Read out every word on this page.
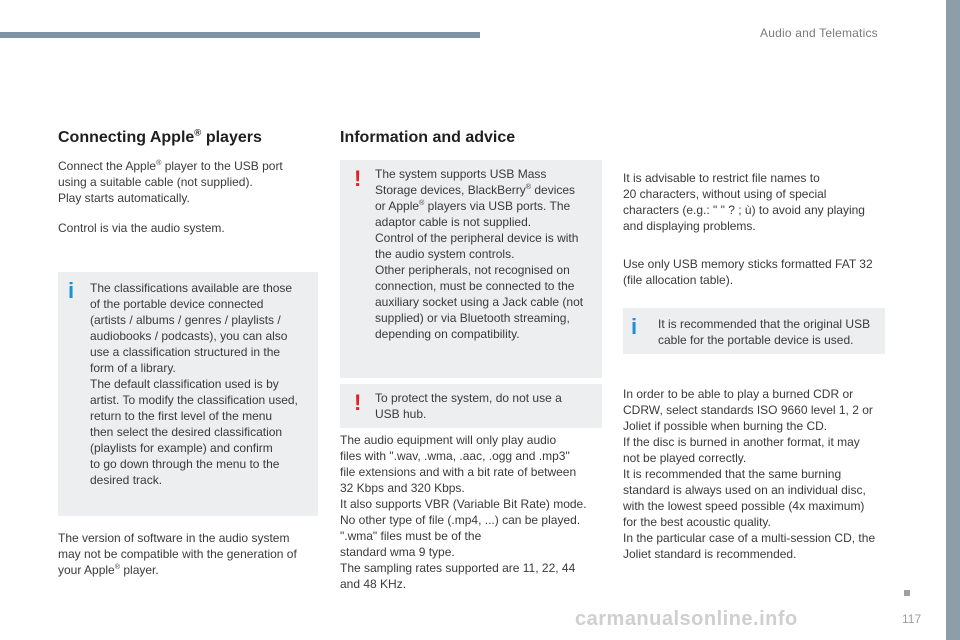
Audio and Telematics
Connecting Apple® players

Connect the Apple® player to the USB port
using a suitable cable (not supplied).
Play starts automatically.

Control is via the audio system.

i The classifications available are those
of the portable device connected
(artists / albums / genres / playlists /
audiobooks / podcasts), you can also
use a classification structured in the
form of a library.
The default classification used is by
artist. To modify the classification used,
return to the first level of the menu
then select the desired classification
(playlists for example) and confirm
to go down through the menu to the
desired track.

The version of software in the audio system
may not be compatible with the generation of
your Apple® player.

Information and advice
! The system supports USB Mass
Storage devices, BlackBerry® devices
or Apple® players via USB ports. The
adaptor cable is not supplied.
Control of the peripheral device is with
the audio system controls.
Other peripherals, not recognised on
connection, must be connected to the
auxiliary socket using a Jack cable (not
supplied) or via Bluetooth streaming,
depending on compatibility.

! To protect the system, do not use a
USB hub.

The audio equipment will only play audio
files with ".wav, .wma, .aac, .ogg and .mp3"
file extensions and with a bit rate of between
32 Kbps and 320 Kbps.
It also supports VBR (Variable Bit Rate) mode.
No other type of file (.mp4, ...) can be played.
".wma" files must be of the
standard wma 9 type.
The sampling rates supported are 11, 22, 44
and 48 KHz.

It is advisable to restrict file names to
20 characters, without using of special
characters (e.g.: " " ? ; ù) to avoid any playing
and displaying problems.

Use only USB memory sticks formatted FAT 32
(file allocation table).

i It is recommended that the original USB
cable for the portable device is used.

In order to be able to play a burned CDR or
CDRW, select standards ISO 9660 level 1, 2 or
Joliet if possible when burning the CD.
If the disc is burned in another format, it may
not be played correctly.
It is recommended that the same burning
standard is always used on an individual disc,
with the lowest speed possible (4x maximum)
for the best acoustic quality.
In the particular case of a multi-session CD, the
Joliet standard is recommended.

carmanualsonline.info	117
